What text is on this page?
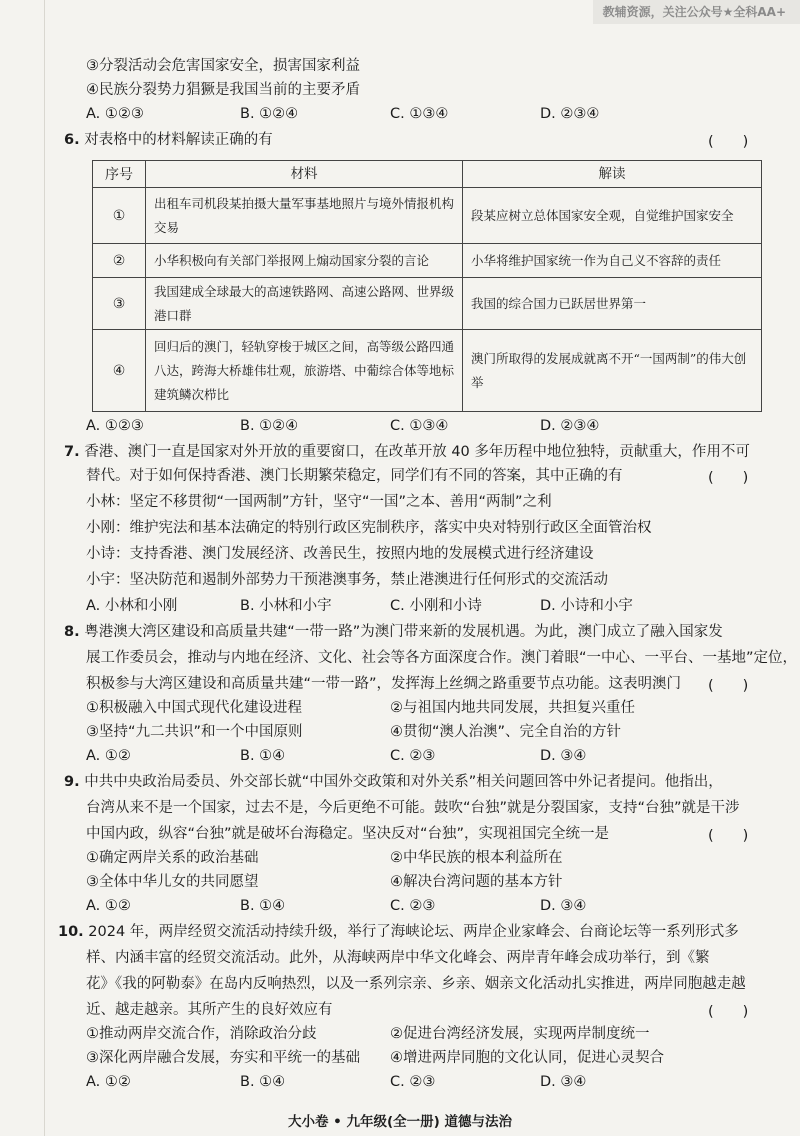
教辅资源，关注公众号★全科AA+
③分裂活动会危害国家安全，损害国家利益
④民族分裂势力猖獗是我国当前的主要矛盾
A. ①②③	B. ①②④	C. ①③④	D. ②③④
6. 对表格中的材料解读正确的有	(　　)
序号	材料	解读
①	出租车司机段某拍摄大量军事基地照片与境外情报机构交易	段某应树立总体国家安全观，自觉维护国家安全
②	小华积极向有关部门举报网上煽动国家分裂的言论	小华将维护国家统一作为自己义不容辞的责任
③	我国建成全球最大的高速铁路网、高速公路网、世界级港口群	我国的综合国力已跃居世界第一
④	回归后的澳门，轻轨穿梭于城区之间，高等级公路四通八达，跨海大桥雄伟壮观，旅游塔、中葡综合体等地标建筑鳞次栉比	澳门所取得的发展成就离不开“一国两制”的伟大创举
A. ①②③	B. ①②④	C. ①③④	D. ②③④
7. 香港、澳门一直是国家对外开放的重要窗口，在改革开放 40 多年历程中地位独特，贡献重大，作用不可
替代。对于如何保持香港、澳门长期繁荣稳定，同学们有不同的答案，其中正确的有	(　　)
小林：坚定不移贯彻“一国两制”方针，坚守“一国”之本、善用“两制”之利
小刚：维护宪法和基本法确定的特别行政区宪制秩序，落实中央对特别行政区全面管治权
小诗：支持香港、澳门发展经济、改善民生，按照内地的发展模式进行经济建设
小宇：坚决防范和遏制外部势力干预港澳事务，禁止港澳进行任何形式的交流活动
A. 小林和小刚	B. 小林和小宇	C. 小刚和小诗	D. 小诗和小宇
8. 粤港澳大湾区建设和高质量共建“一带一路”为澳门带来新的发展机遇。为此，澳门成立了融入国家发
展工作委员会，推动与内地在经济、文化、社会等各方面深度合作。澳门着眼“一中心、一平台、一基地”定位，
积极参与大湾区建设和高质量共建“一带一路”，发挥海上丝绸之路重要节点功能。这表明澳门 (　　)
①积极融入中国式现代化建设进程	②与祖国内地共同发展，共担复兴重任
③坚持“九二共识”和一个中国原则	④贯彻“澳人治澳”、完全自治的方针
A. ①②	B. ①④	C. ②③	D. ③④
9. 中共中央政治局委员、外交部长就“中国外交政策和对外关系”相关问题回答中外记者提问。他指出，
台湾从来不是一个国家，过去不是，今后更绝不可能。鼓吹“台独”就是分裂国家，支持“台独”就是干涉
中国内政，纵容“台独”就是破坏台海稳定。坚决反对“台独”，实现祖国完全统一是	(　　)
①确定两岸关系的政治基础	②中华民族的根本利益所在
③全体中华儿女的共同愿望	④解决台湾问题的基本方针
A. ①②	B. ①④	C. ②③	D. ③④
10. 2024 年，两岸经贸交流活动持续升级，举行了海峡论坛、两岸企业家峰会、台商论坛等一系列形式多
样、内涵丰富的经贸交流活动。此外，从海峡两岸中华文化峰会、两岸青年峰会成功举行，到《繁
花》《我的阿勒泰》在岛内反响热烈，以及一系列宗亲、乡亲、姻亲文化活动扎实推进，两岸同胞越走越
近、越走越亲。其所产生的良好效应有	(　　)
①推动两岸交流合作，消除政治分歧	②促进台湾经济发展，实现两岸制度统一
③深化两岸融合发展，夯实和平统一的基础 ④增进两岸同胞的文化认同，促进心灵契合
A. ①②	B. ①④	C. ②③	D. ③④
大小卷 • 九年级(全一册) 道德与法治
